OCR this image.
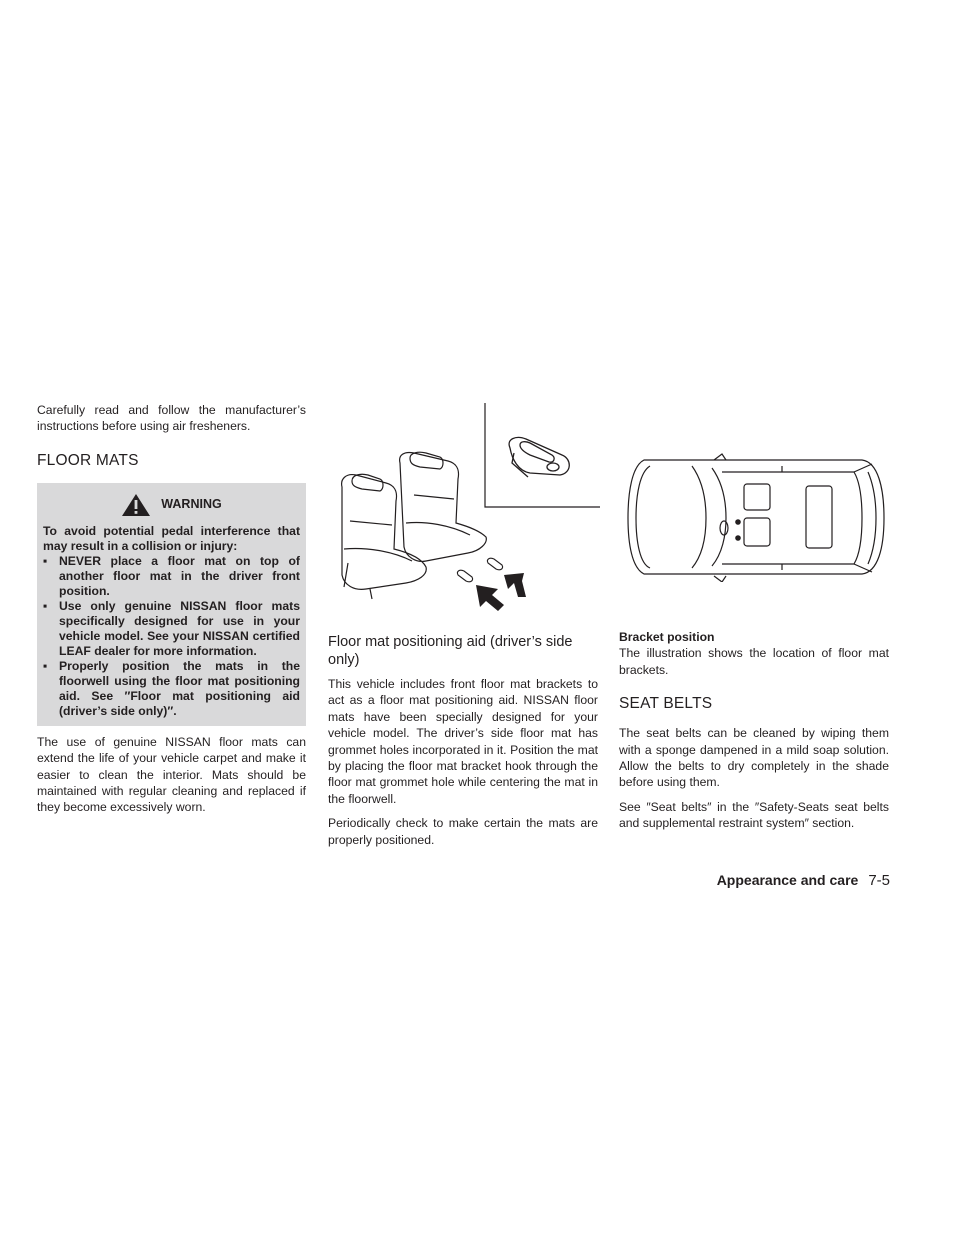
Carefully read and follow the manufacturer’s instructions before using air fresheners.

FLOOR MATS
WARNING

To avoid potential pedal interference that may result in a collision or injury:

▪ NEVER place a floor mat on top of another floor mat in the driver front position.
▪ Use only genuine NISSAN floor mats specifically designed for use in your vehicle model. See your NISSAN certified LEAF dealer for more information.
▪ Properly position the mats in the floorwell using the floor mat positioning aid. See ″Floor mat positioning aid (driver’s side only)″.

The use of genuine NISSAN floor mats can extend the life of your vehicle carpet and make it easier to clean the interior. Mats should be maintained with regular cleaning and replaced if they become excessively worn.

Floor mat positioning aid (driver’s side only)

This vehicle includes front floor mat brackets to act as a floor mat positioning aid. NISSAN floor mats have been specially designed for your vehicle model. The driver’s side floor mat has grommet holes incorporated in it. Position the mat by placing the floor mat bracket hook through the floor mat grommet hole while centering the mat in the floorwell.

Periodically check to make certain the mats are properly positioned.

Bracket position

The illustration shows the location of floor mat brackets.

SEAT BELTS

The seat belts can be cleaned by wiping them with a sponge dampened in a mild soap solution. Allow the belts to dry completely in the shade before using them.

See ″Seat belts″ in the ″Safety-Seats seat belts and supplemental restraint system″ section.

Appearance and care 7-5
